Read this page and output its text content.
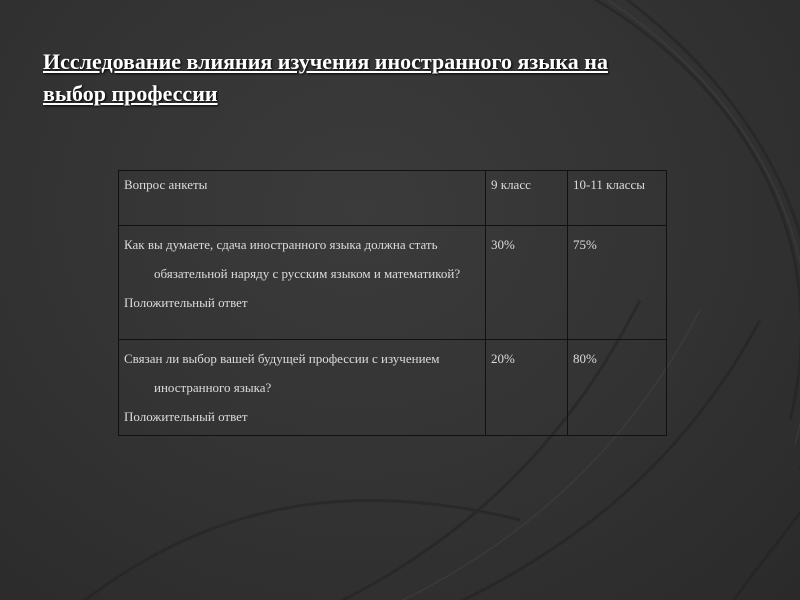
Исследование влияния изучения иностранного языка на выбор профессии
Вопрос анкеты	9 класс	10-11 классы

Как вы думаете, сдача иностранного языка должна стать обязательной наряду с русским языком и математикой?
Положительный ответ	30%	75%

Связан ли выбор вашей будущей профессии с изучением иностранного языка?
Положительный ответ	20%	80%
